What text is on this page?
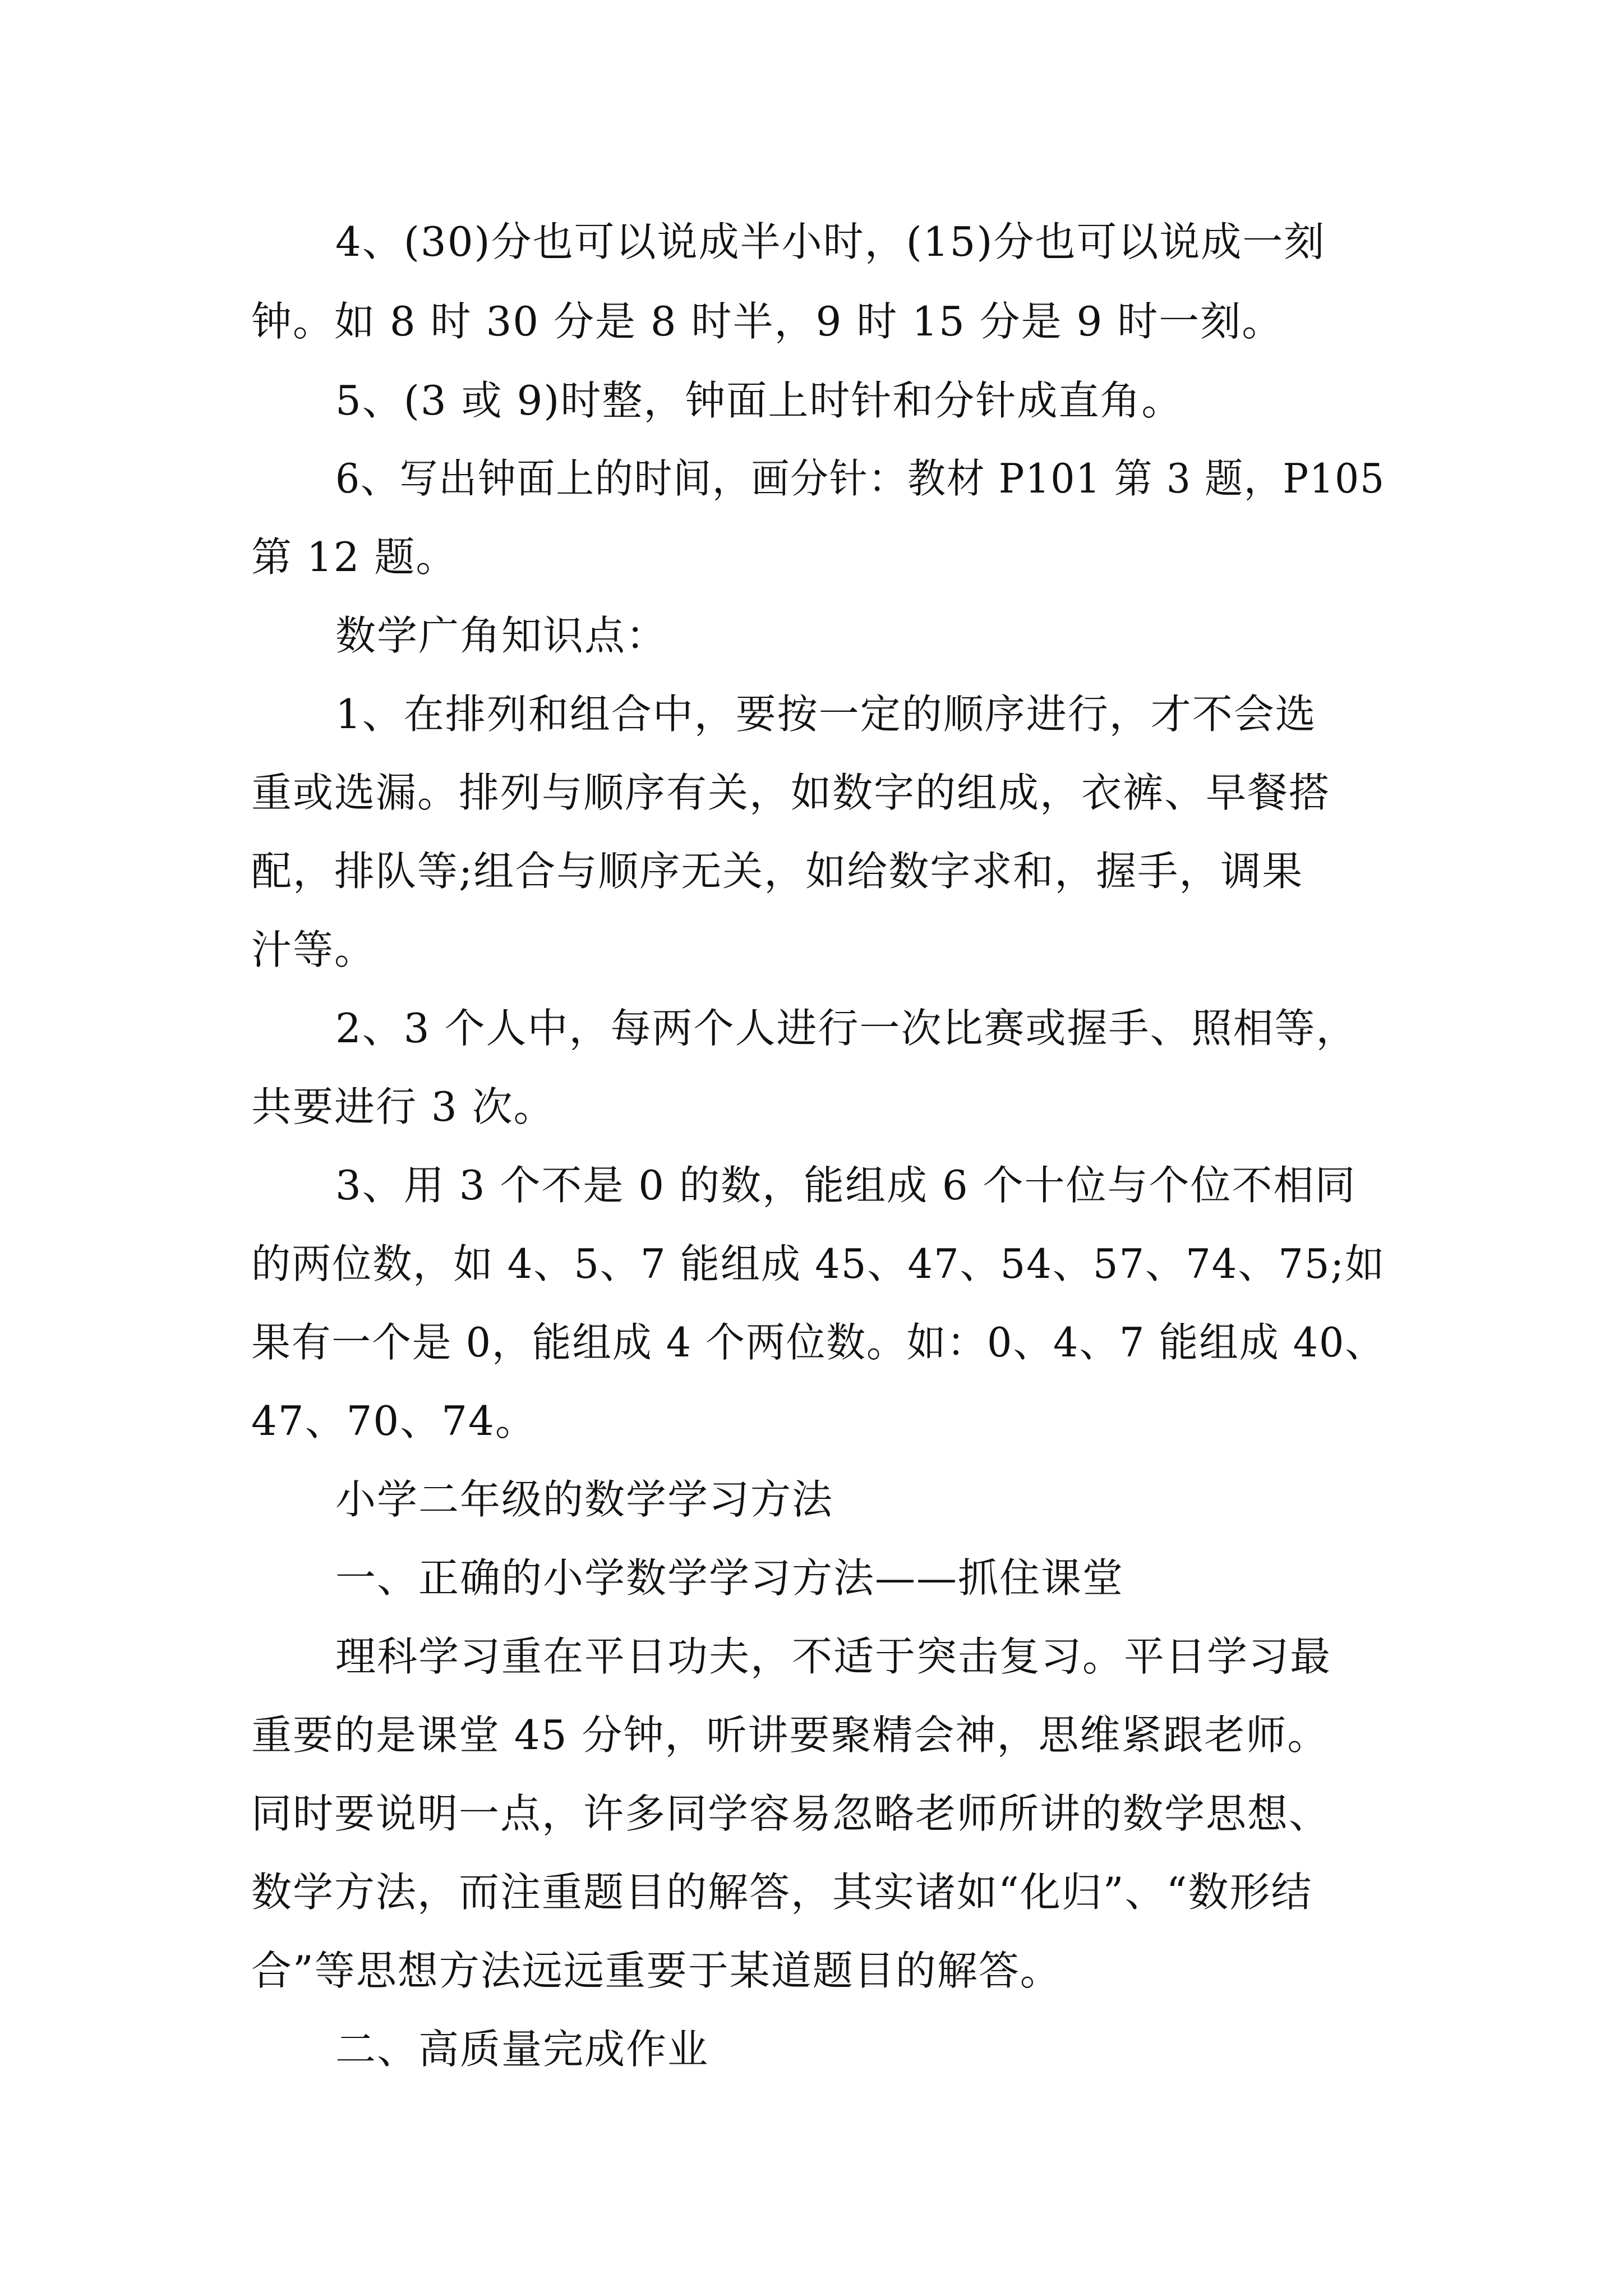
4、(30)分也可以说成半小时，(15)分也可以说成一刻
钟。如 8 时 30 分是 8 时半，9 时 15 分是 9 时一刻。
5、(3 或 9)时整，钟面上时针和分针成直角。
6、写出钟面上的时间，画分针：教材 P101 第 3 题，P105
第 12 题。
数学广角知识点：
1、在排列和组合中，要按一定的顺序进行，才不会选
重或选漏。排列与顺序有关，如数字的组成，衣裤、早餐搭
配，排队等;组合与顺序无关，如给数字求和，握手，调果
汁等。
2、3 个人中，每两个人进行一次比赛或握手、照相等，
共要进行 3 次。
3、用 3 个不是 0 的数，能组成 6 个十位与个位不相同
的两位数，如 4、5、7 能组成 45、47、54、57、74、75;如
果有一个是 0，能组成 4 个两位数。如：0、4、7 能组成 40、
47、70、74。
小学二年级的数学学习方法
一、正确的小学数学学习方法——抓住课堂
理科学习重在平日功夫，不适于突击复习。平日学习最
重要的是课堂 45 分钟，听讲要聚精会神，思维紧跟老师。
同时要说明一点，许多同学容易忽略老师所讲的数学思想、
数学方法，而注重题目的解答，其实诸如“化归”、“数形结
合”等思想方法远远重要于某道题目的解答。
二、高质量完成作业
